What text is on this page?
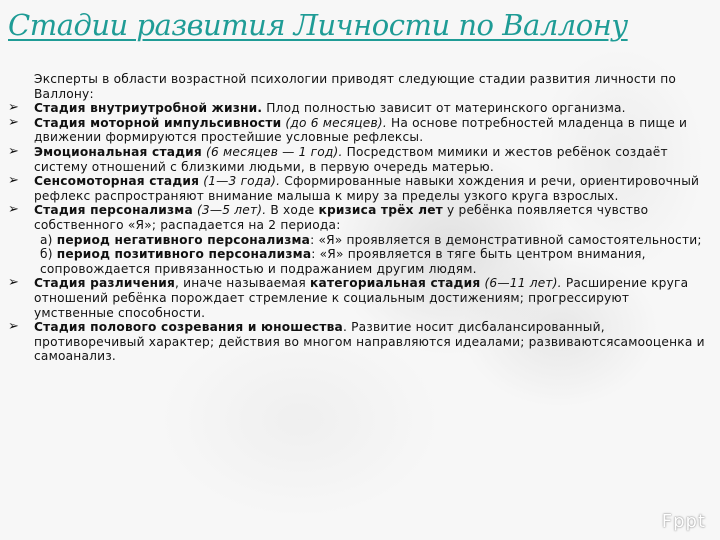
Стадии развития Личности по Валлону
Эксперты в области возрастной психологии приводят следующие стадии развития личности по Валлону:
➢ Стадия внутриутробной жизни. Плод полностью зависит от материнского организма.
➢ Стадия моторной импульсивности (до 6 месяцев). На основе потребностей младенца в пище и движении формируются простейшие условные рефлексы.
➢ Эмоциональная стадия (6 месяцев — 1 год). Посредством мимики и жестов ребёнок создаёт систему отношений с близкими людьми, в первую очередь матерью.
➢ Сенсомоторная стадия (1—3 года). Сформированные навыки хождения и речи, ориентировочный рефлекс распространяют внимание малыша к миру за пределы узкого круга взрослых.
➢ Стадия персонализма (3—5 лет). В ходе кризиса трёх лет у ребёнка появляется чувство собственного «Я»; распадается на 2 периода:
а) период негативного персонализма: «Я» проявляется в демонстративной самостоятельности;
б) период позитивного персонализма: «Я» проявляется в тяге быть центром внимания, сопровождается привязанностью и подражанием другим людям.
➢ Стадия различения, иначе называемая категориальная стадия (6—11 лет). Расширение круга отношений ребёнка порождает стремление к социальным достижениям; прогрессируют умственные способности.
➢ Стадия полового созревания и юношества. Развитие носит дисбалансированный, противоречивый характер; действия во многом направляются идеалами; развиваютсясамооценка и самоанализ.
Fppt
